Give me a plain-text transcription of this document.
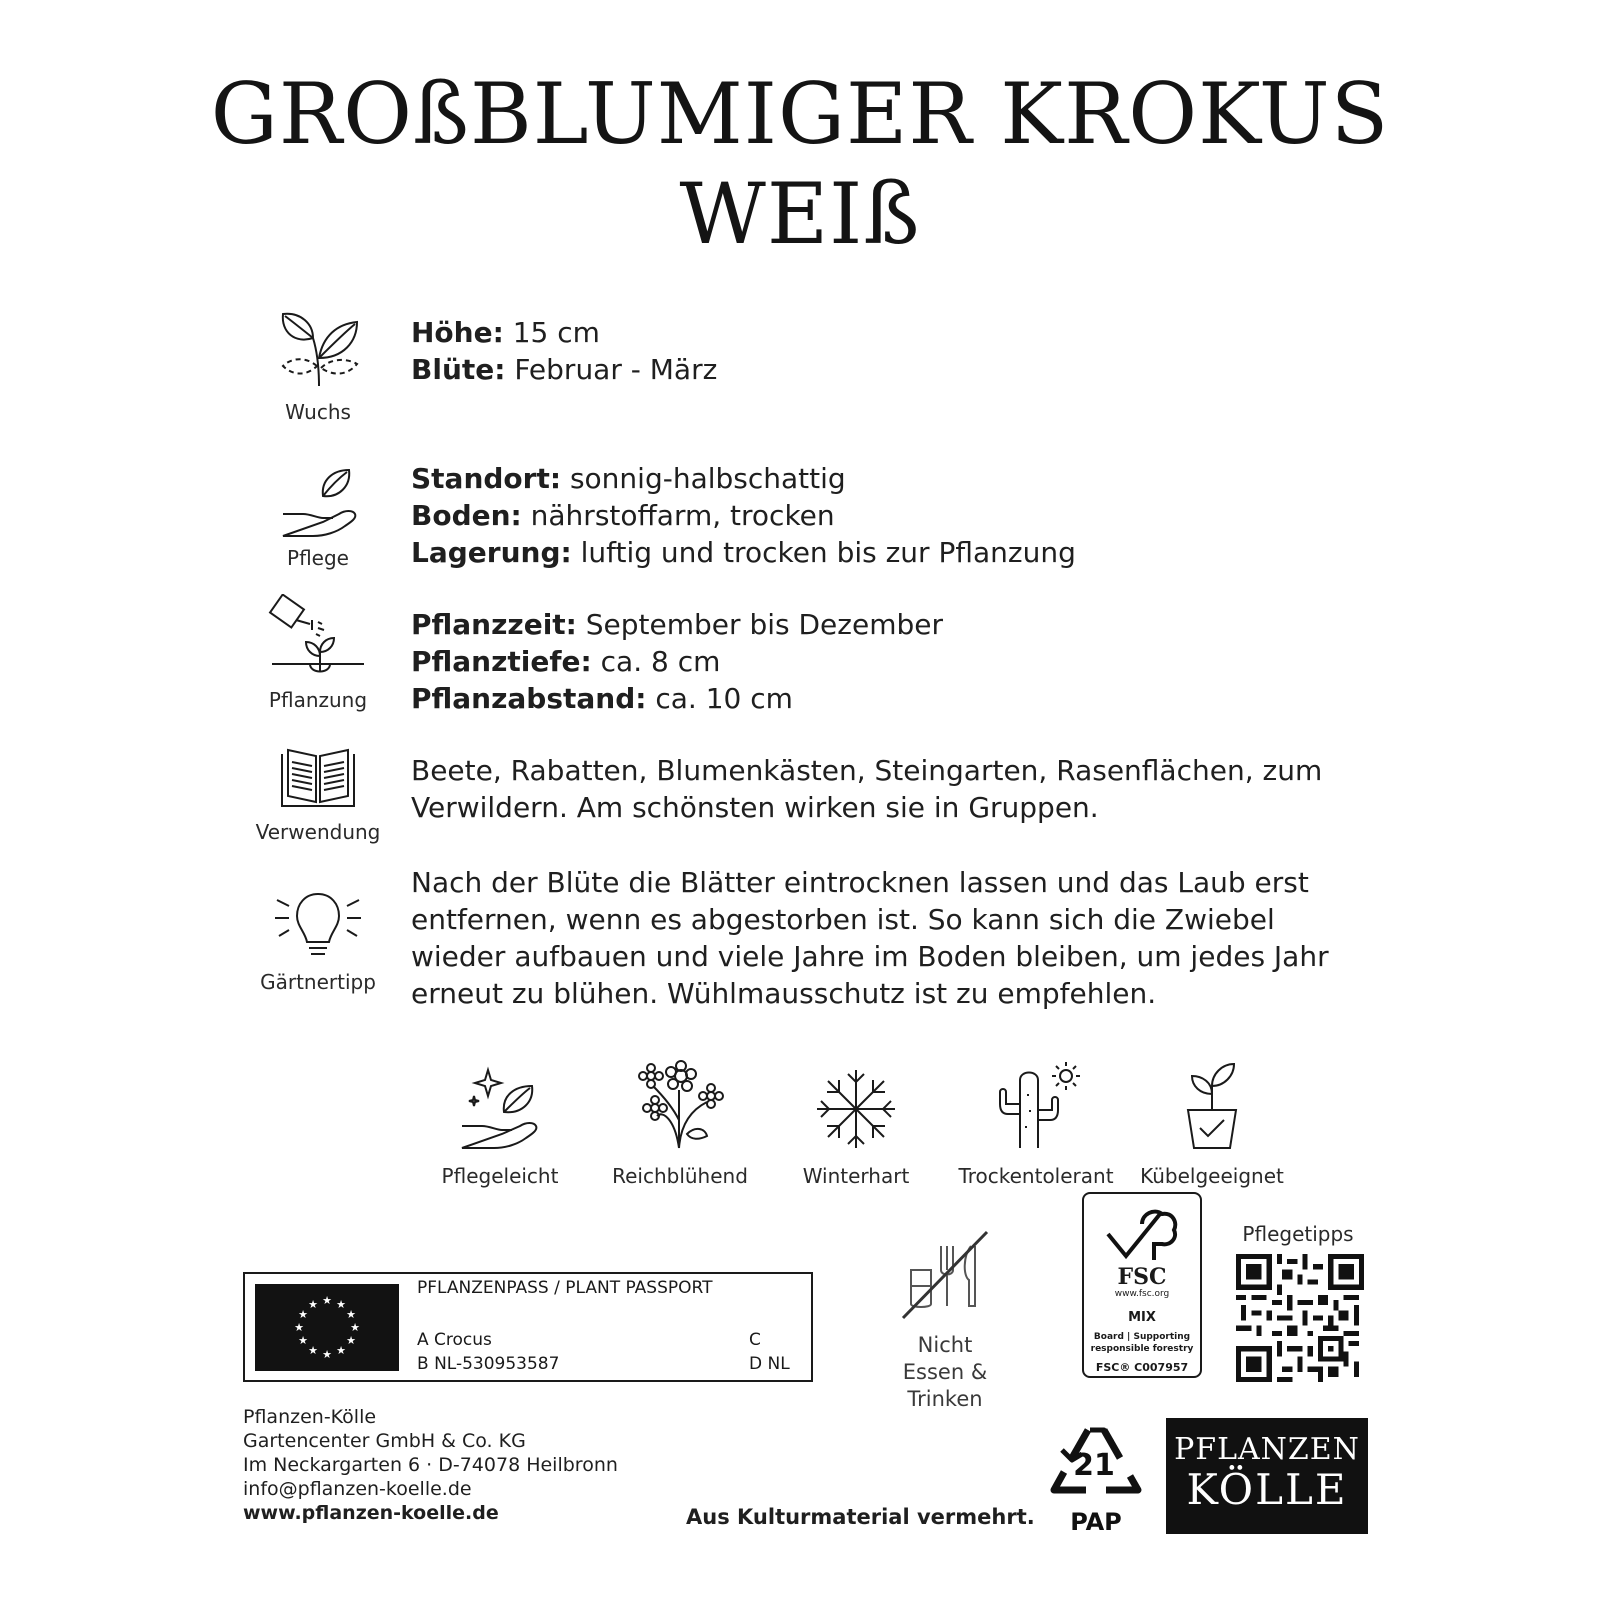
GROßBLUMIGER KROKUS
WEIß
Wuchs
Höhe: 15 cm
Blüte: Februar - März
Pflege
Standort: sonnig-halbschattig
Boden: nährstoffarm, trocken
Lagerung: luftig und trocken bis zur Pflanzung
Pflanzung
Pflanzzeit: September bis Dezember
Pflanztiefe: ca. 8 cm
Pflanzabstand: ca. 10 cm
Verwendung
Beete, Rabatten, Blumenkästen, Steingarten, Rasenflächen, zum
Verwildern. Am schönsten wirken sie in Gruppen.
Gärtnertipp
Nach der Blüte die Blätter eintrocknen lassen und das Laub erst
entfernen, wenn es abgestorben ist. So kann sich die Zwiebel
wieder aufbauen und viele Jahre im Boden bleiben, um jedes Jahr
erneut zu blühen. Wühlmausschutz ist zu empfehlen.
Pflegeleicht	Reichblühend	Winterhart	Trockentolerant	Kübelgeeignet
★ ★
★
★
★
★
★
★
★
★
★
★
PFLANZENPASS / PLANT PASSPORT
A Crocus
B NL-530953587
C
D NL
Nicht
Essen & Trinken
FSC
www.fsc.org
MIX
Board | Supporting
responsible forestry
FSC® C007957
Pflegetipps
Pflanzen-Kölle
Gartencenter GmbH & Co. KG
Im Neckargarten 6 · D-74078 Heilbronn
info@pflanzen-koelle.de
www.pflanzen-koelle.de	Aus Kulturmaterial vermehrt.
21
PAP
PFLANZEN
KÖLLE
